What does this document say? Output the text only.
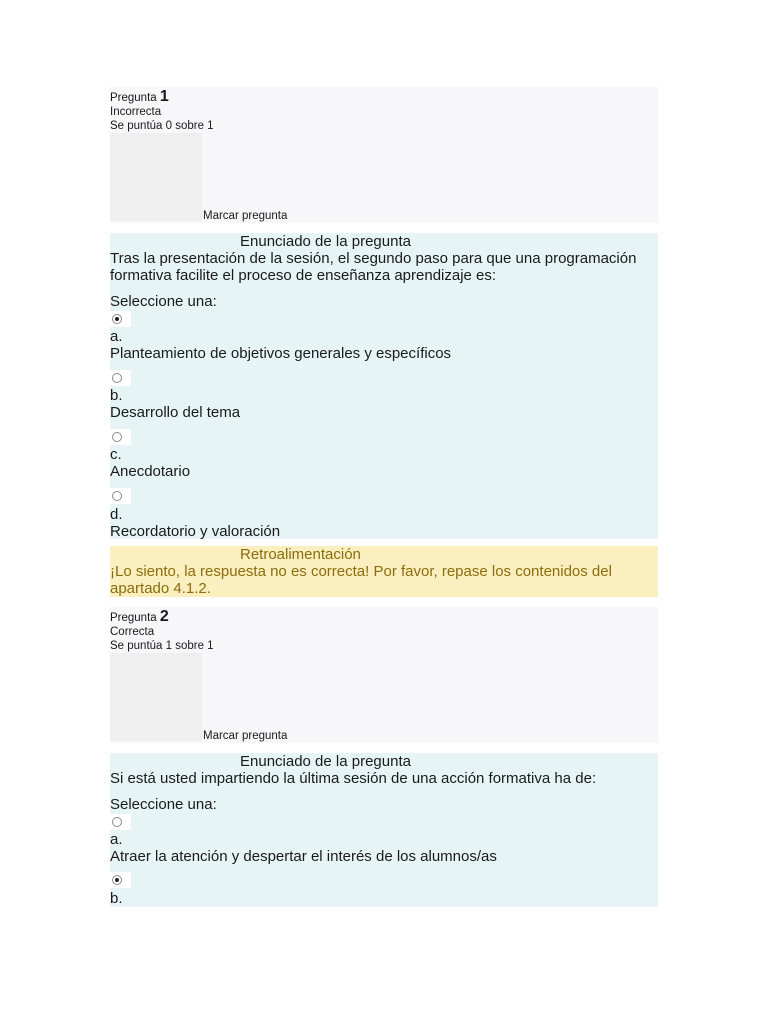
Pregunta 1
Incorrecta
Se puntúa 0 sobre 1
Marcar pregunta
Enunciado de la pregunta
Tras la presentación de la sesión, el segundo paso para que una programación formativa facilite el proceso de enseñanza aprendizaje es:
Seleccione una:
a.
Planteamiento de objetivos generales y específicos
b.
Desarrollo del tema
c.
Anecdotario
d.
Recordatorio y valoración
Retroalimentación
¡Lo siento, la respuesta no es correcta! Por favor, repase los contenidos del apartado 4.1.2.
Pregunta 2
Correcta
Se puntúa 1 sobre 1
Marcar pregunta
Enunciado de la pregunta
Si está usted impartiendo la última sesión de una acción formativa ha de:
Seleccione una:
a.
Atraer la atención y despertar el interés de los alumnos/as
b.
